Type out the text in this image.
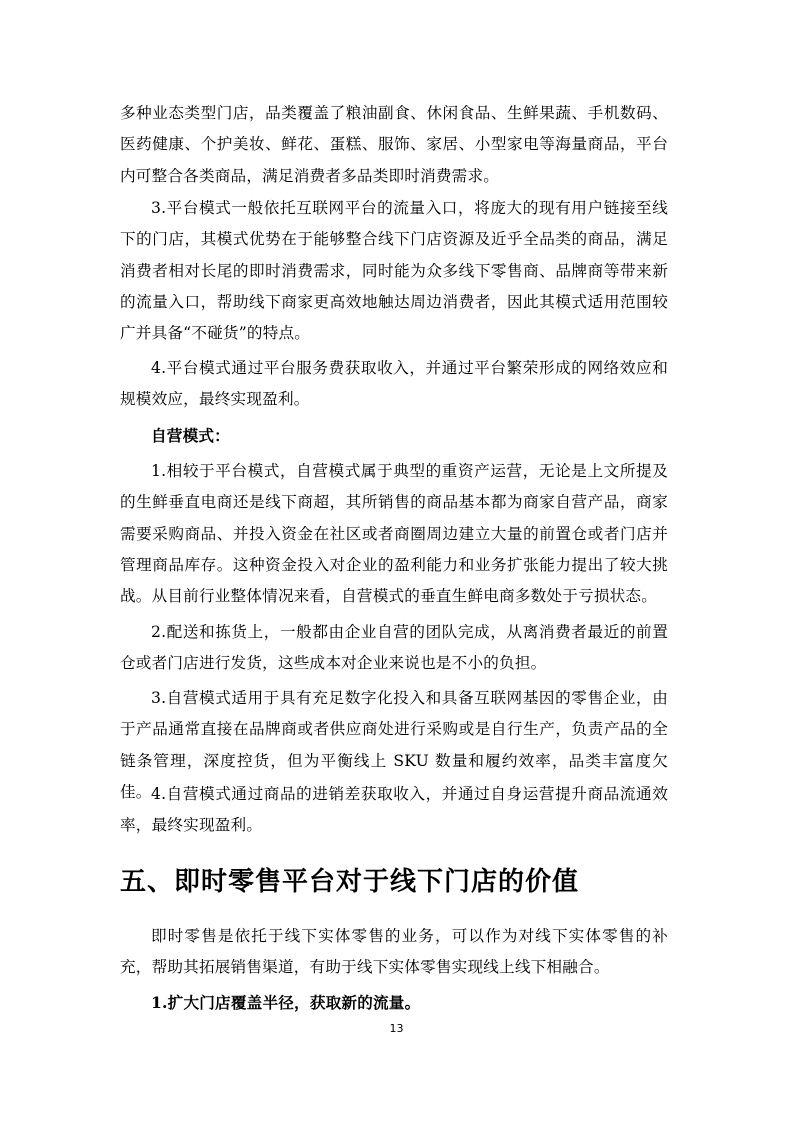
多种业态类型门店，品类覆盖了粮油副食、休闲食品、生鲜果蔬、手机数码、医药健康、个护美妆、鲜花、蛋糕、服饰、家居、小型家电等海量商品，平台内可整合各类商品，满足消费者多品类即时消费需求。

3.平台模式一般依托互联网平台的流量入口，将庞大的现有用户链接至线下的门店，其模式优势在于能够整合线下门店资源及近乎全品类的商品，满足消费者相对长尾的即时消费需求，同时能为众多线下零售商、品牌商等带来新的流量入口，帮助线下商家更高效地触达周边消费者，因此其模式适用范围较广并具备“不碰货”的特点。

4.平台模式通过平台服务费获取收入，并通过平台繁荣形成的网络效应和规模效应，最终实现盈利。

自营模式：

1.相较于平台模式，自营模式属于典型的重资产运营，无论是上文所提及的生鲜垂直电商还是线下商超，其所销售的商品基本都为商家自营产品，商家需要采购商品、并投入资金在社区或者商圈周边建立大量的前置仓或者门店并管理商品库存。这种资金投入对企业的盈利能力和业务扩张能力提出了较大挑战。从目前行业整体情况来看，自营模式的垂直生鲜电商多数处于亏损状态。

2.配送和拣货上，一般都由企业自营的团队完成，从离消费者最近的前置仓或者门店进行发货，这些成本对企业来说也是不小的负担。

3.自营模式适用于具有充足数字化投入和具备互联网基因的零售企业，由于产品通常直接在品牌商或者供应商处进行采购或是自行生产，负责产品的全链条管理，深度控货，但为平衡线上 SKU 数量和履约效率，品类丰富度欠佳。 4.自营模式通过商品的进销差获取收入，并通过自身运营提升商品流通效率，最终实现盈利。

五、即时零售平台对于线下门店的价值

即时零售是依托于线下实体零售的业务，可以作为对线下实体零售的补充，帮助其拓展销售渠道，有助于线下实体零售实现线上线下相融合。

1.扩大门店覆盖半径，获取新的流量。

13
